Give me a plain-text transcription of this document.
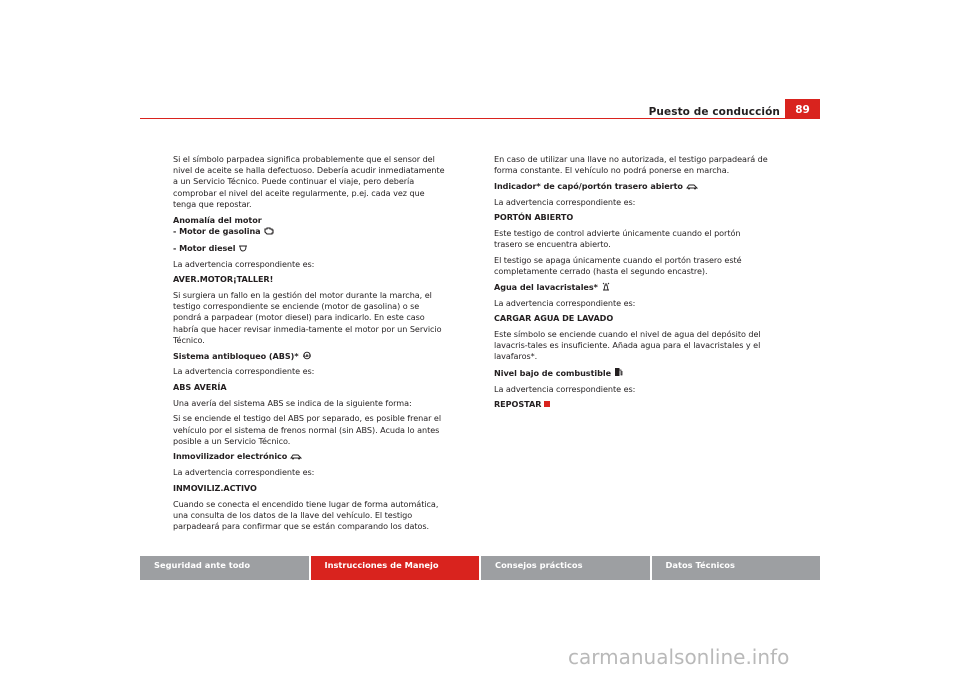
Puesto de conducción	89

Si el símbolo parpadea significa probablemente que el sensor del nivel de aceite se halla defectuoso. Debería acudir inmediatamente a un Servicio Técnico. Puede continuar el viaje, pero debería comprobar el nivel del aceite regularmente, p.ej. cada vez que tenga que repostar.

Anomalía del motor

- Motor de gasolina

- Motor diesel

La advertencia correspondiente es:

AVER.MOTOR¡TALLER!

Si surgiera un fallo en la gestión del motor durante la marcha, el testigo correspondiente se enciende (motor de gasolina) o se pondrá a parpadear (motor diesel) para indicarlo. En este caso habría que hacer revisar inmedia-tamente el motor por un Servicio Técnico.

Sistema antibloqueo (ABS)* ABS

La advertencia correspondiente es:

ABS AVERÍA

Una avería del sistema ABS se indica de la siguiente forma:

Si se enciende el testigo del ABS por separado, es posible frenar el vehículo por el sistema de frenos normal (sin ABS). Acuda lo antes posible a un Servicio Técnico.

Inmovilizador electrónico

La advertencia correspondiente es:

INMOVILIZ.ACTIVO

Cuando se conecta el encendido tiene lugar de forma automática, una consulta de los datos de la llave del vehículo. El testigo parpadeará para confirmar que se están comparando los datos.

En caso de utilizar una llave no autorizada, el testigo parpadeará de forma constante. El vehículo no podrá ponerse en marcha.

Indicador* de capó/portón trasero abierto

La advertencia correspondiente es:

PORTÓN ABIERTO

Este testigo de control advierte únicamente cuando el portón trasero se encuentra abierto.

El testigo se apaga únicamente cuando el portón trasero esté completamente cerrado (hasta el segundo encastre).

Agua del lavacristales*

La advertencia correspondiente es:

CARGAR AGUA DE LAVADO

Este símbolo se enciende cuando el nivel de agua del depósito del lavacris-tales es insuficiente. Añada agua para el lavacristales y el lavafaros*.

Nivel bajo de combustible

La advertencia correspondiente es:

REPOSTAR

Seguridad ante todo	Instrucciones de Manejo	Consejos prácticos	Datos Técnicos
carmanualsonline.info
